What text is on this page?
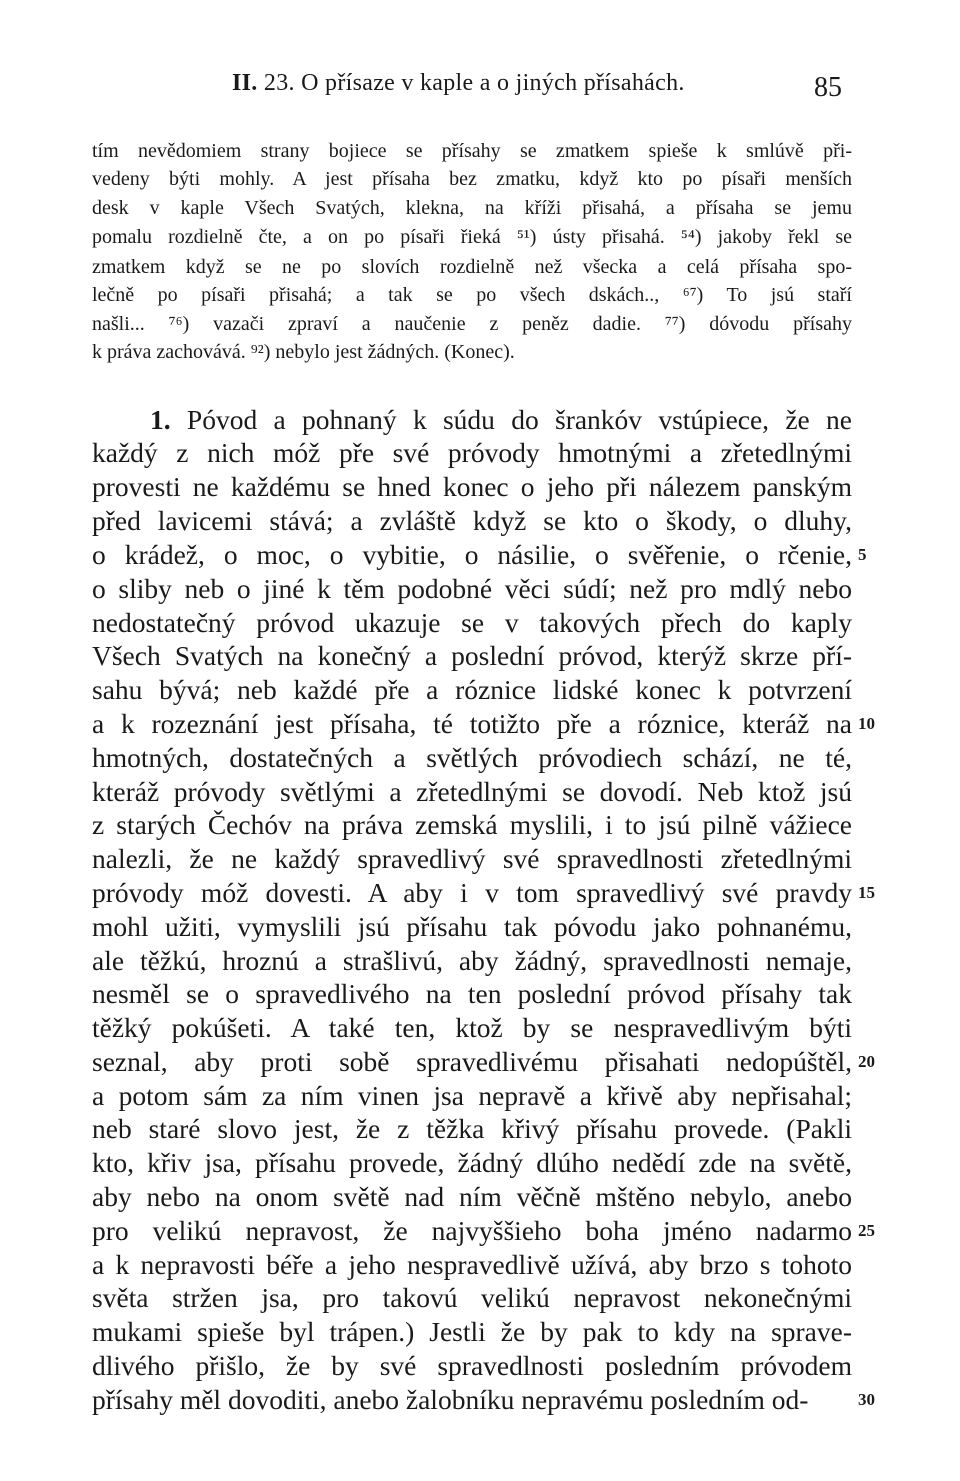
II. 23. O přísaze v kaple a o jiných přísahách.	85
tím nevědomiem strany bojiece se přísahy se zmatkem spieše k smlúvě při-
vedeny býti mohly. A jest přísaha bez zmatku, když kto po písaři menších
desk v kaple Všech Svatých, klekna, na kříži přisahá, a přísaha se jemu
pomalu rozdielně čte, a on po písaři řieká ⁵¹) ústy přisahá. ⁵⁴) jakoby řekl se
zmatkem když se ne po slovích rozdielně než všecka a celá přísaha spo-
lečně po písaři přisahá; a tak se po všech dskách.., ⁶⁷) To jsú staří
našli... ⁷⁶) vazači zpraví a naučenie z peněz dadie. ⁷⁷) dóvodu přísahy
k práva zachovává. ⁹²) nebylo jest žádných. (Konec).
1. Póvod a pohnaný k súdu do šrankóv vstúpiece, že ne
každý z nich móž pře své próvody hmotnými a zřetedlnými
provesti ne každému se hned konec o jeho při nálezem panským
před lavicemi stává; a zvláště když se kto o škody, o dluhy,
o krádež, o moc, o vybitie, o násilie, o svěřenie, o rčenie,
o sliby neb o jiné k těm podobné věci súdí; než pro mdlý nebo
nedostatečný próvod ukazuje se v takových přech do kaply
Všech Svatých na konečný a poslední próvod, kterýž skrze pří-
sahu bývá; neb každé pře a róznice lidské konec k potvrzení
a k rozeznání jest přísaha, té totižto pře a róznice, kteráž na
hmotných, dostatečných a světlých próvodiech schází, ne té,
kteráž próvody světlými a zřetedlnými se dovodí. Neb ktož jsú
z starých Čechóv na práva zemská myslili, i to jsú pilně vážiece
nalezli, že ne každý spravedlivý své spravedlnosti zřetedlnými
próvody móž dovesti. A aby i v tom spravedlivý své pravdy
mohl užiti, vymyslili jsú přísahu tak póvodu jako pohnanému,
ale těžkú, hroznú a strašlivú, aby žádný, spravedlnosti nemaje,
nesměl se o spravedlivého na ten poslední próvod přísahy tak
těžký pokúšeti. A také ten, ktož by se nespravedlivým býti
seznal, aby proti sobě spravedlivému přisahati nedopúštěl,
a potom sám za ním vinen jsa nepravě a křivě aby nepřisahal;
neb staré slovo jest, že z těžka křivý přísahu provede. (Pakli
kto, křiv jsa, přísahu provede, žádný dlúho nedědí zde na světě,
aby nebo na onom světě nad ním věčně mštěno nebylo, anebo
pro velikú nepravost, že najvyššieho boha jméno nadarmo
a k nepravosti béře a jeho nespravedlivě užívá, aby brzo s tohoto
světa stržen jsa, pro takovú velikú nepravost nekonečnými
mukami spieše byl trápen.) Jestli že by pak to kdy na sprave-
dlivého přišlo, že by své spravedlnosti posledním próvodem
přísahy měl dovoditi, anebo žalobníku nepravému posledním od-
5
10
15
20
25
30
